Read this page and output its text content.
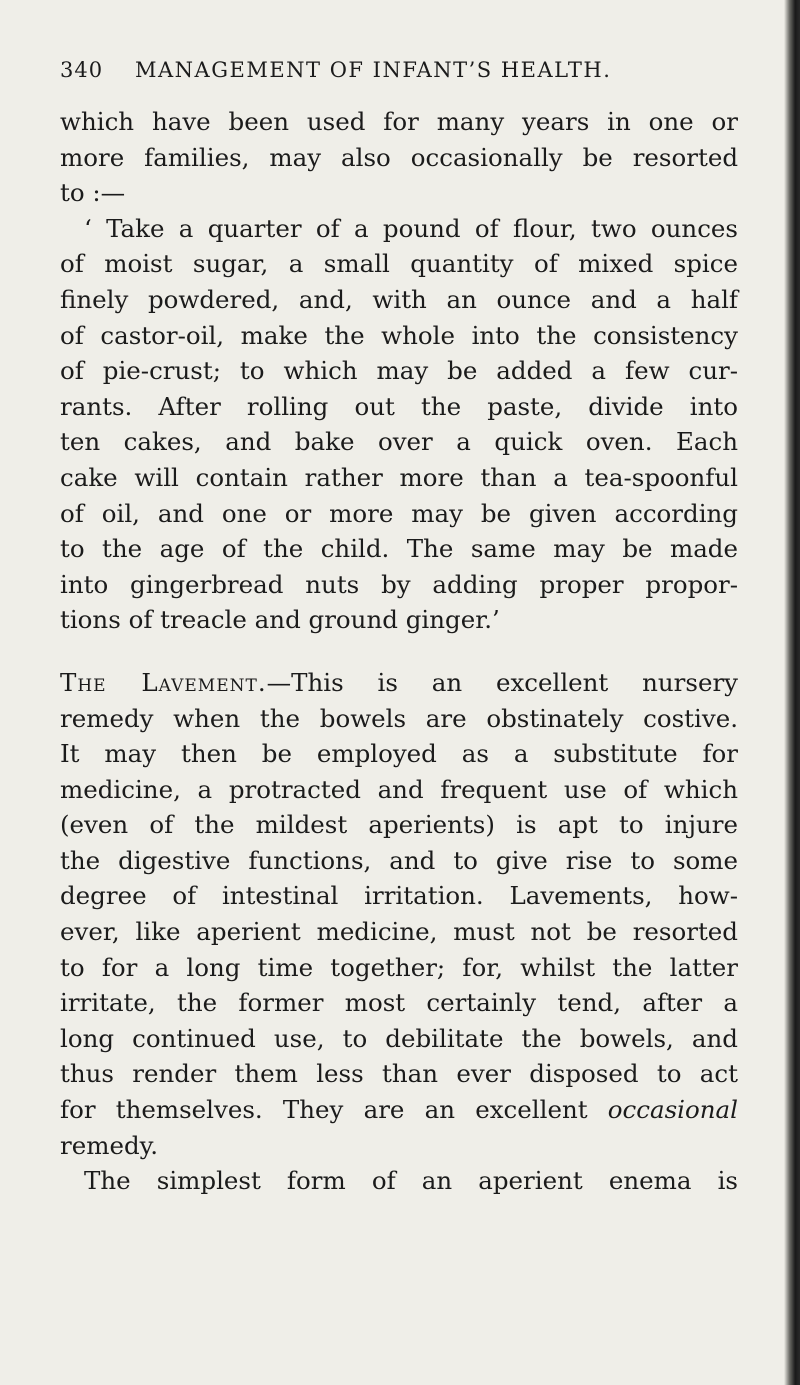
340 MANAGEMENT OF INFANT’S HEALTH.
which have been used for many years in one or
more families, may also occasionally be resorted
to :—
‘ Take a quarter of a pound of flour, two ounces
of moist sugar, a small quantity of mixed spice
finely powdered, and, with an ounce and a half
of castor-oil, make the whole into the consistency
of pie-crust; to which may be added a few cur-
rants. After rolling out the paste, divide into
ten cakes, and bake over a quick oven. Each
cake will contain rather more than a tea-spoonful
of oil, and one or more may be given according
to the age of the child. The same may be made
into gingerbread nuts by adding proper propor-
tions of treacle and ground ginger.’
The Lavement.—This is an excellent nursery
remedy when the bowels are obstinately costive.
It may then be employed as a substitute for
medicine, a protracted and frequent use of which
(even of the mildest aperients) is apt to injure
the digestive functions, and to give rise to some
degree of intestinal irritation. Lavements, how-
ever, like aperient medicine, must not be resorted
to for a long time together; for, whilst the latter
irritate, the former most certainly tend, after a
long continued use, to debilitate the bowels, and
thus render them less than ever disposed to act
for themselves. They are an excellent occasional
remedy.
The simplest form of an aperient enema is
